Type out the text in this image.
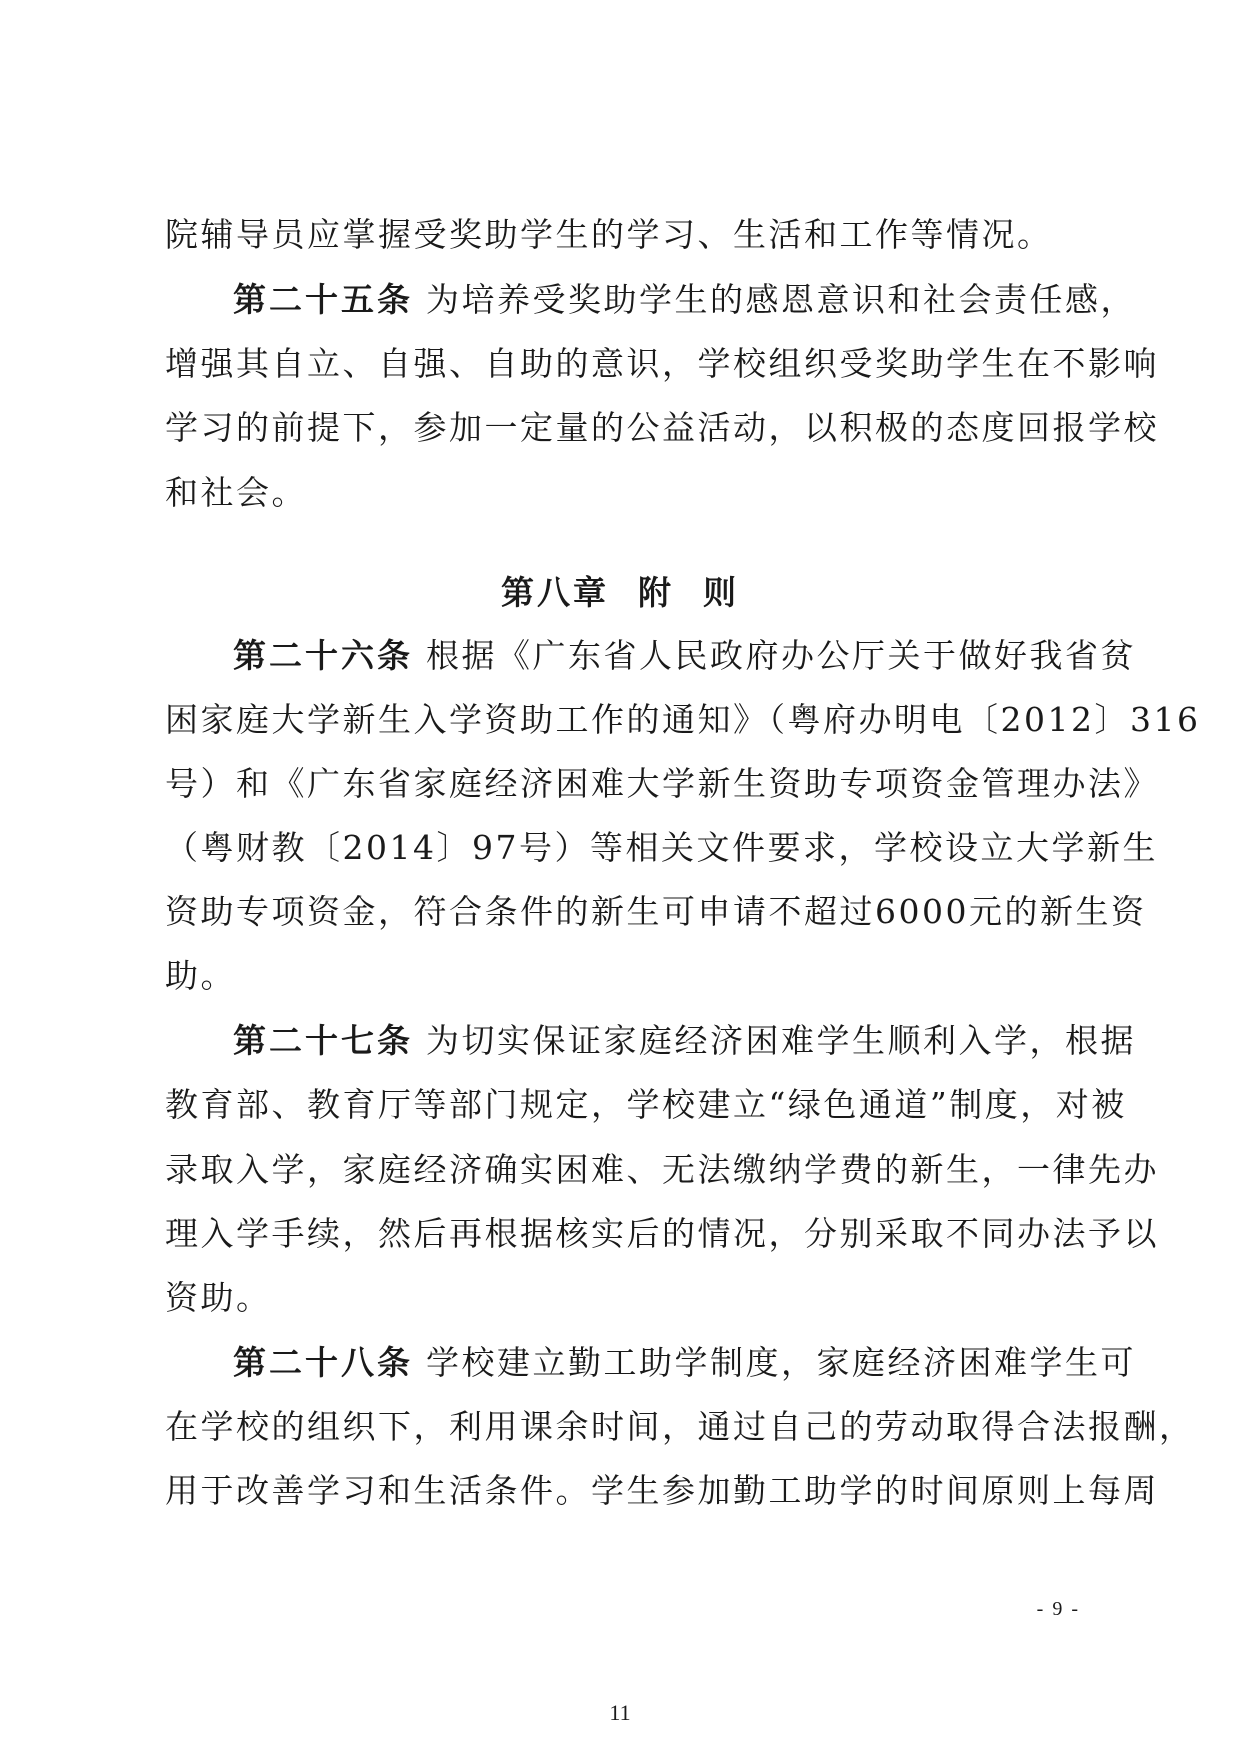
院辅导员应掌握受奖助学生的学习、生活和工作等情况。
第二十五条 为培养受奖助学生的感恩意识和社会责任感，
增强其自立、自强、自助的意识，学校组织受奖助学生在不影响
学习的前提下，参加一定量的公益活动，以积极的态度回报学校
和社会。
第八章  附  则
第二十六条 根据《广东省人民政府办公厅关于做好我省贫
困家庭大学新生入学资助工作的通知》（粤府办明电〔2012〕316
号）和《广东省家庭经济困难大学新生资助专项资金管理办法》
（粤财教〔2014〕97号）等相关文件要求，学校设立大学新生
资助专项资金，符合条件的新生可申请不超过6000元的新生资
助。
第二十七条 为切实保证家庭经济困难学生顺利入学，根据
教育部、教育厅等部门规定，学校建立“绿色通道”制度，对被
录取入学，家庭经济确实困难、无法缴纳学费的新生，一律先办
理入学手续，然后再根据核实后的情况，分别采取不同办法予以
资助。
第二十八条 学校建立勤工助学制度，家庭经济困难学生可
在学校的组织下，利用课余时间，通过自己的劳动取得合法报酬，
用于改善学习和生活条件。学生参加勤工助学的时间原则上每周
- 9 -
11
